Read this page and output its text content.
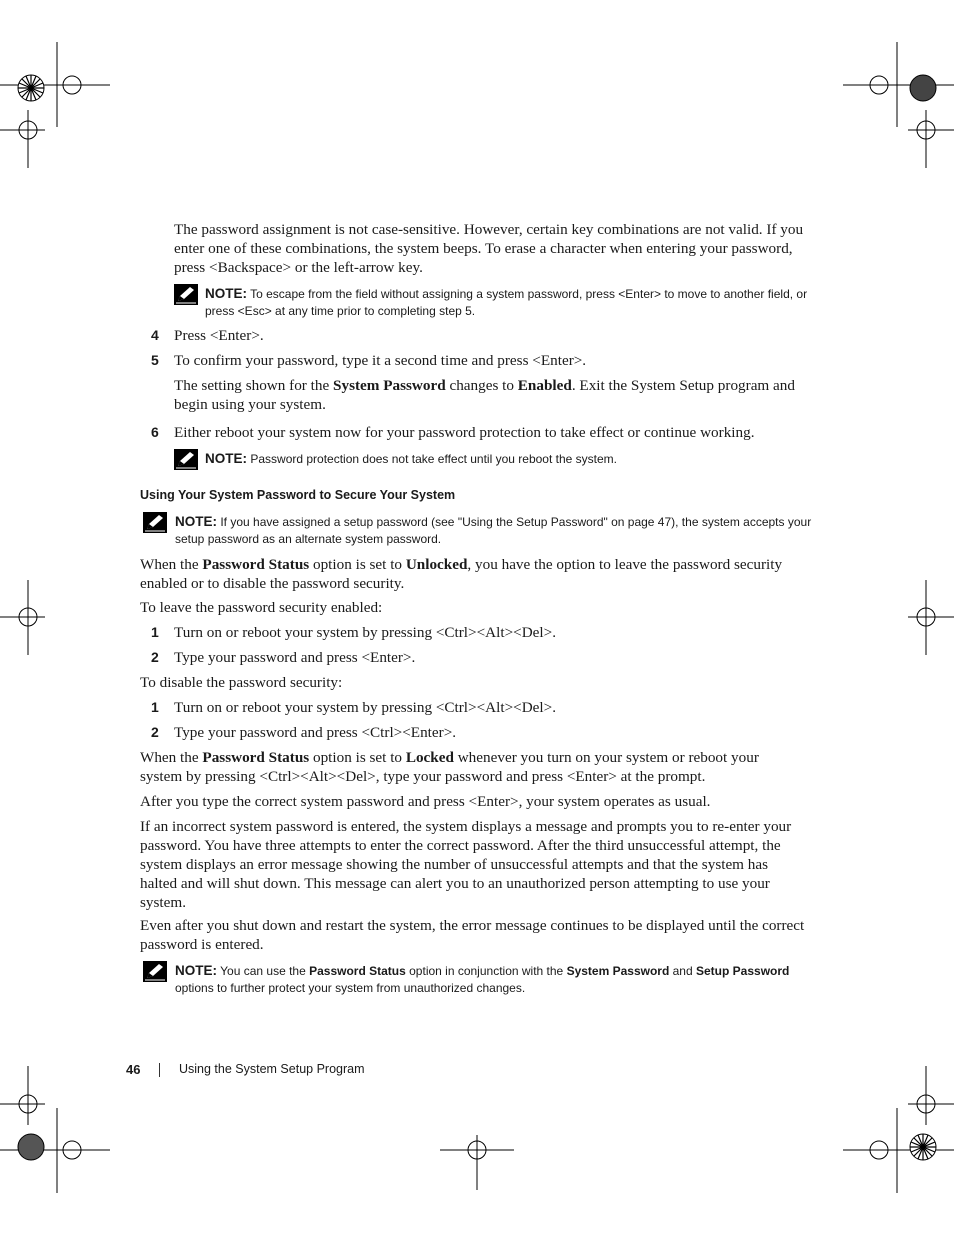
The password assignment is not case-sensitive. However, certain key combinations are not valid. If you enter one of these combinations, the system beeps. To erase a character when entering your password, press <Backspace> or the left-arrow key.
NOTE: To escape from the field without assigning a system password, press <Enter> to move to another field, or press <Esc> at any time prior to completing step 5.
4 Press <Enter>.
5 To confirm your password, type it a second time and press <Enter>.
The setting shown for the System Password changes to Enabled. Exit the System Setup program and begin using your system.
6 Either reboot your system now for your password protection to take effect or continue working.
NOTE: Password protection does not take effect until you reboot the system.
Using Your System Password to Secure Your System
NOTE: If you have assigned a setup password (see "Using the Setup Password" on page 47), the system accepts your setup password as an alternate system password.
When the Password Status option is set to Unlocked, you have the option to leave the password security enabled or to disable the password security.
To leave the password security enabled:
1 Turn on or reboot your system by pressing <Ctrl><Alt><Del>.
2 Type your password and press <Enter>.
To disable the password security:
1 Turn on or reboot your system by pressing <Ctrl><Alt><Del>.
2 Type your password and press <Ctrl><Enter>.
When the Password Status option is set to Locked whenever you turn on your system or reboot your system by pressing <Ctrl><Alt><Del>, type your password and press <Enter> at the prompt.
After you type the correct system password and press <Enter>, your system operates as usual.
If an incorrect system password is entered, the system displays a message and prompts you to re-enter your password. You have three attempts to enter the correct password. After the third unsuccessful attempt, the system displays an error message showing the number of unsuccessful attempts and that the system has halted and will shut down. This message can alert you to an unauthorized person attempting to use your system.
Even after you shut down and restart the system, the error message continues to be displayed until the correct password is entered.
NOTE: You can use the Password Status option in conjunction with the System Password and Setup Password options to further protect your system from unauthorized changes.
46	Using the System Setup Program
